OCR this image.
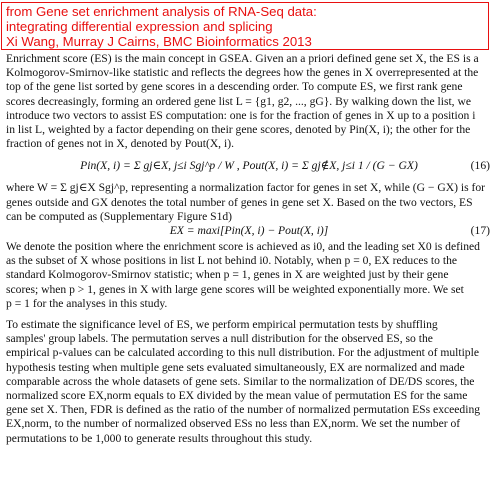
from Gene set enrichment analysis of RNA-Seq data:
integrating differential expression and splicing
Xi Wang, Murray J Cairns, BMC Bioinformatics 2013
Enrichment score (ES) is the main concept in GSEA. Given an a priori defined gene set X, the ES is a
Kolmogorov-Smirnov-like statistic and reflects the degrees how the genes in X overrepresented at the
top of the gene list sorted by gene scores in a descending order. To compute ES, we first rank gene
scores decreasingly, forming an ordered gene list L = {g1, g2, ..., gG}. By walking down the list, we
introduce two vectors to assist ES computation: one is for the fraction of genes in X up to a position i
in list L, weighted by a factor depending on their gene scores, denoted by Pin(X, i); the other for the
fraction of genes not in X, denoted by Pout(X, i).
Pin(X, i) = Σ gj∈X, j≤i Sgj^p / W , Pout(X, i) = Σ gj∉X, j≤i 1 / (G − GX)	(16)
where W = Σ gj∈X Sgj^p, representing a normalization factor for genes in set X, while (G − GX) is for
genes outside and GX denotes the total number of genes in gene set X. Based on the two vectors, ES
can be computed as (Supplementary Figure S1d)
EX = maxi[Pin(X, i) − Pout(X, i)]	(17)
We denote the position where the enrichment score is achieved as i0, and the leading set X0 is defined
as the subset of X whose positions in list L not behind i0. Notably, when p = 0, EX reduces to the
standard Kolmogorov-Smirnov statistic; when p = 1, genes in X are weighted just by their gene
scores; when p > 1, genes in X with large gene scores will be weighted exponentially more. We set
p = 1 for the analyses in this study.
To estimate the significance level of ES, we perform empirical permutation tests by shuffling
samples' group labels. The permutation serves a null distribution for the observed ES, so the
empirical p-values can be calculated according to this null distribution. For the adjustment of multiple
hypothesis testing when multiple gene sets evaluated simultaneously, EX are normalized and made
comparable across the whole datasets of gene sets. Similar to the normalization of DE/DS scores, the
normalized score EX,norm equals to EX divided by the mean value of permutation ES for the same
gene set X. Then, FDR is defined as the ratio of the number of normalized permutation ESs exceeding
EX,norm, to the number of normalized observed ESs no less than EX,norm. We set the number of
permutations to be 1,000 to generate results throughout this study.
